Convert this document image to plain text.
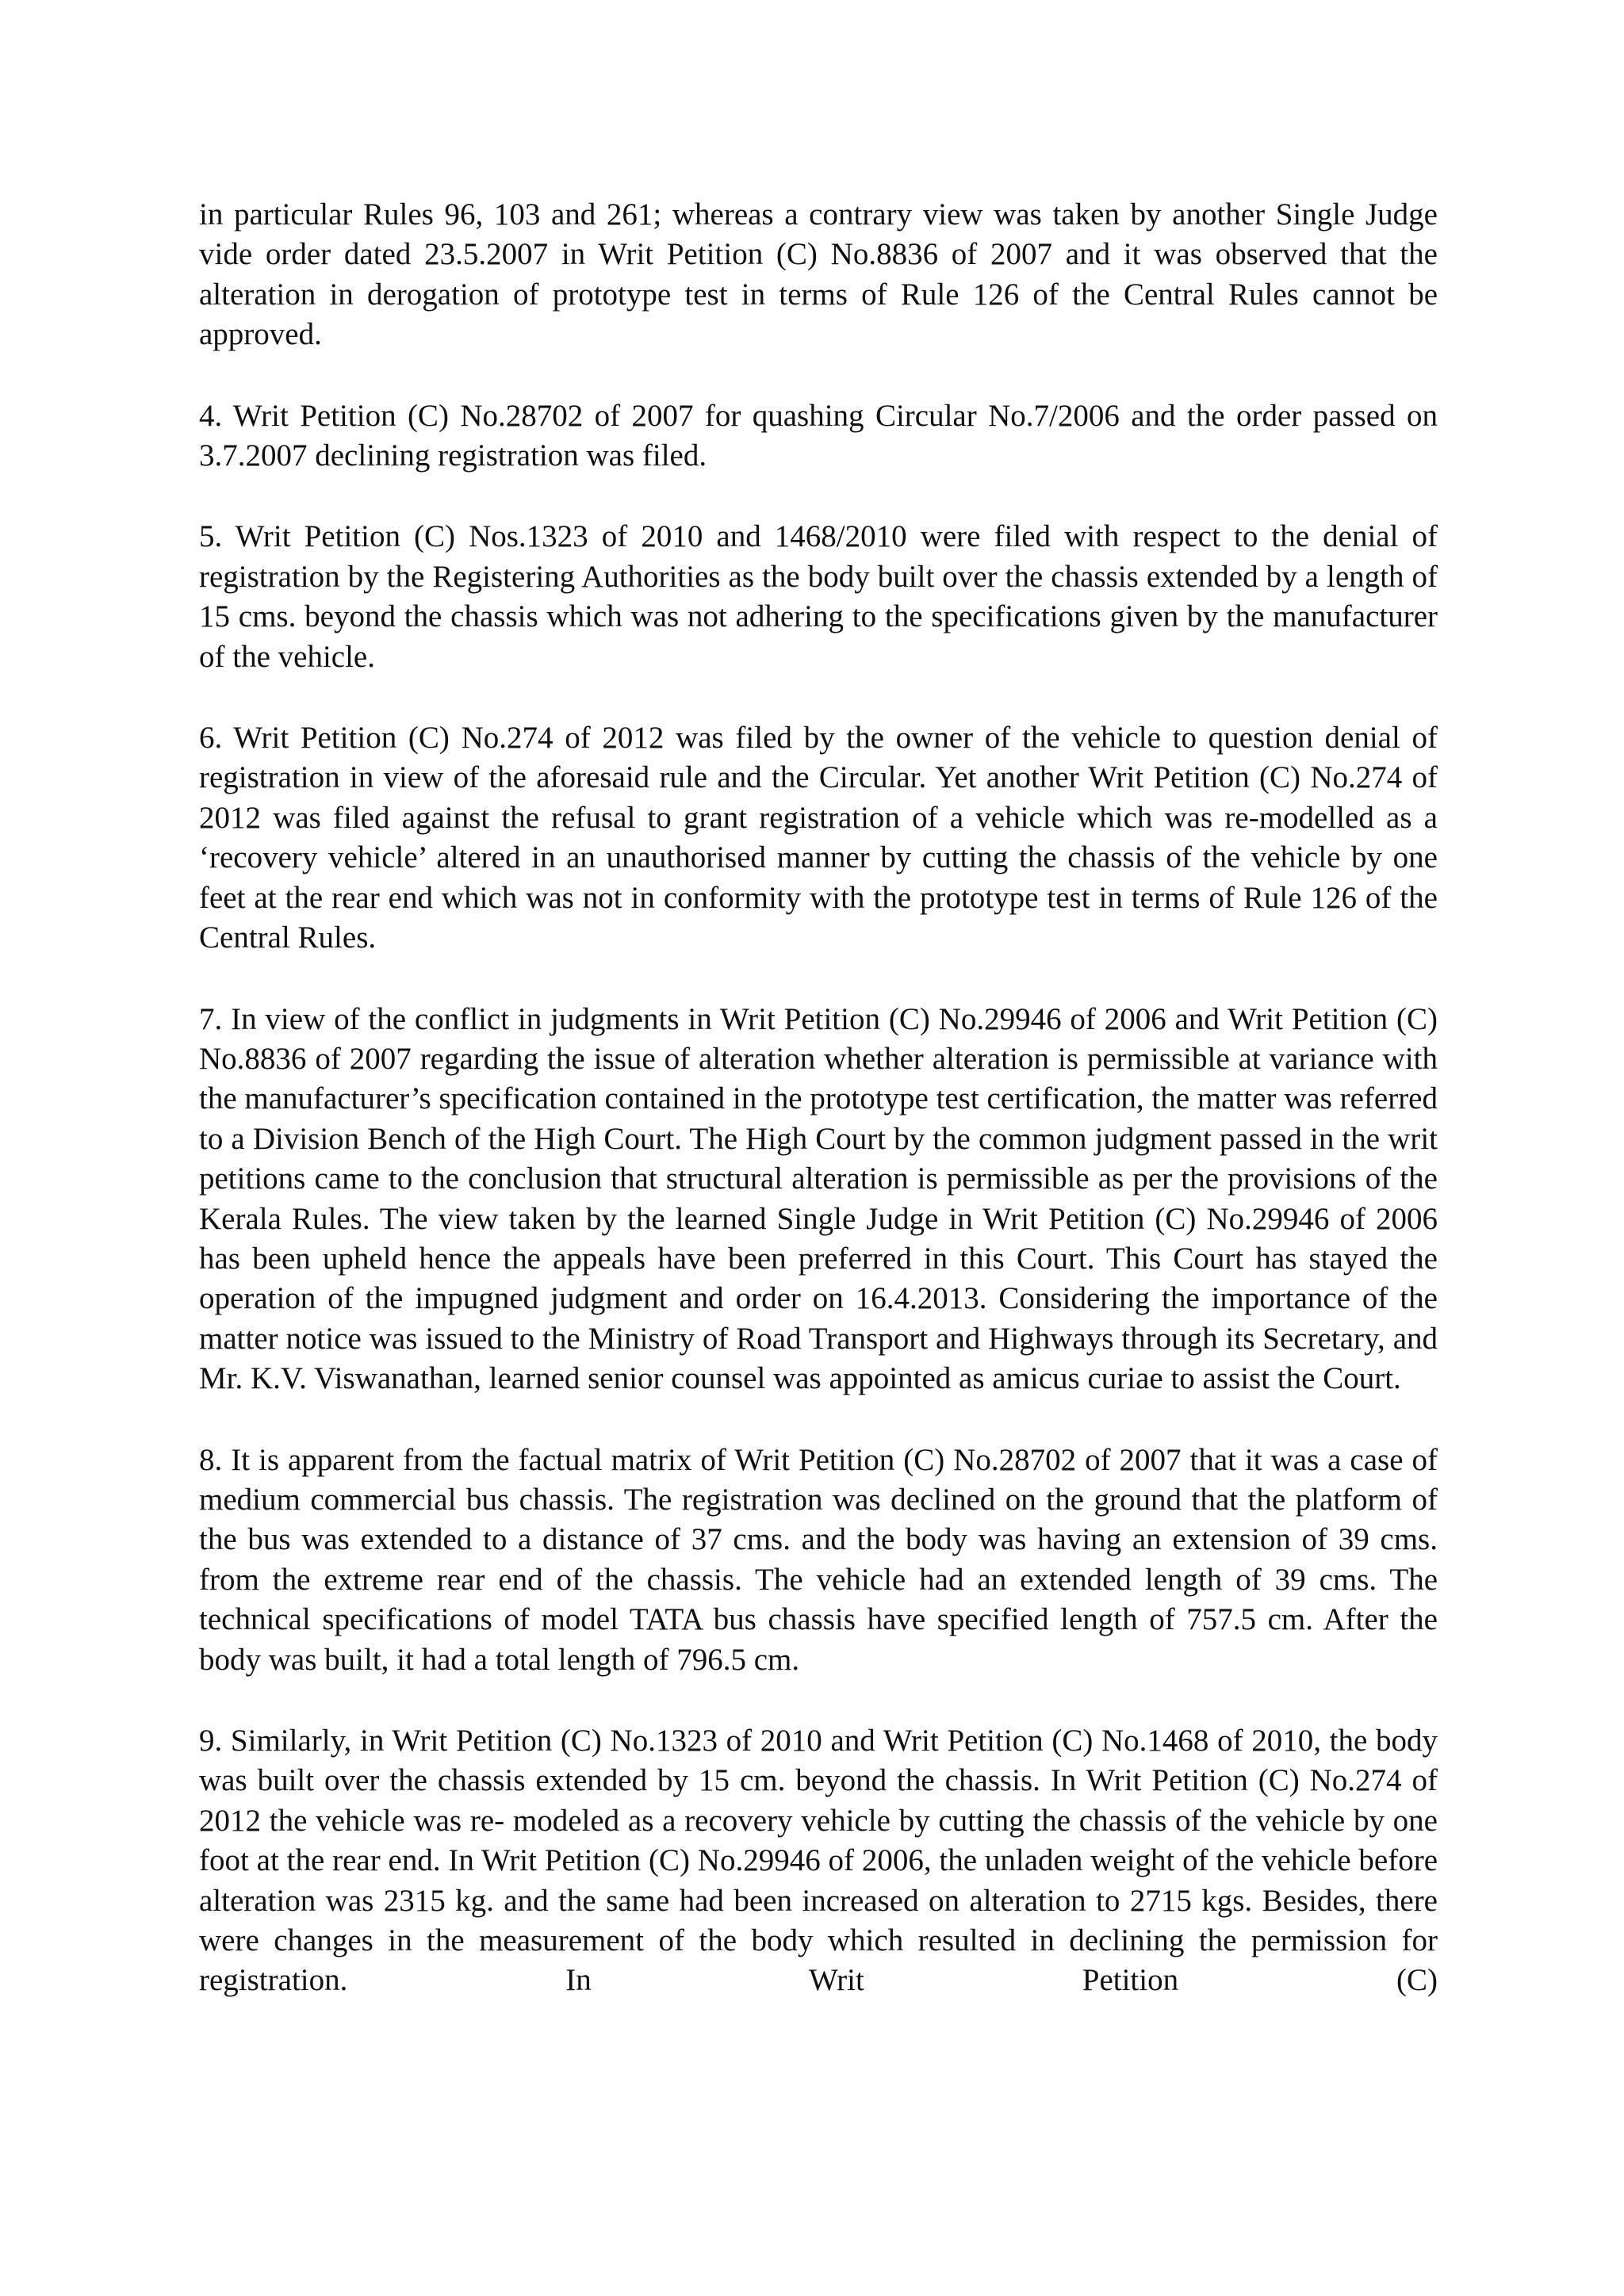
in particular Rules 96, 103 and 261; whereas a contrary view was taken by another Single Judge vide order dated 23.5.2007 in Writ Petition (C) No.8836 of 2007 and it was observed that the alteration in derogation of prototype test in terms of Rule 126 of the Central Rules cannot be approved.

4. Writ Petition (C) No.28702 of 2007 for quashing Circular No.7/2006 and the order passed on 3.7.2007 declining registration was filed.

5. Writ Petition (C) Nos.1323 of 2010 and 1468/2010 were filed with respect to the denial of registration by the Registering Authorities as the body built over the chassis extended by a length of 15 cms. beyond the chassis which was not adhering to the specifications given by the manufacturer of the vehicle.

6. Writ Petition (C) No.274 of 2012 was filed by the owner of the vehicle to question denial of registration in view of the aforesaid rule and the Circular. Yet another Writ Petition (C) No.274 of 2012 was filed against the refusal to grant registration of a vehicle which was re-modelled as a ‘recovery vehicle’ altered in an unauthorised manner by cutting the chassis of the vehicle by one feet at the rear end which was not in conformity with the prototype test in terms of Rule 126 of the Central Rules.

7. In view of the conflict in judgments in Writ Petition (C) No.29946 of 2006 and Writ Petition (C) No.8836 of 2007 regarding the issue of alteration whether alteration is permissible at variance with the manufacturer’s specification contained in the prototype test certification, the matter was referred to a Division Bench of the High Court. The High Court by the common judgment passed in the writ petitions came to the conclusion that structural alteration is permissible as per the provisions of the Kerala Rules. The view taken by the learned Single Judge in Writ Petition (C) No.29946 of 2006 has been upheld hence the appeals have been preferred in this Court. This Court has stayed the operation of the impugned judgment and order on 16.4.2013. Considering the importance of the matter notice was issued to the Ministry of Road Transport and Highways through its Secretary, and Mr. K.V. Viswanathan, learned senior counsel was appointed as amicus curiae to assist the Court.

8. It is apparent from the factual matrix of Writ Petition (C) No.28702 of 2007 that it was a case of medium commercial bus chassis. The registration was declined on the ground that the platform of the bus was extended to a distance of 37 cms. and the body was having an extension of 39 cms. from the extreme rear end of the chassis. The vehicle had an extended length of 39 cms. The technical specifications of model TATA bus chassis have specified length of 757.5 cm. After the body was built, it had a total length of 796.5 cm.

9. Similarly, in Writ Petition (C) No.1323 of 2010 and Writ Petition (C) No.1468 of 2010, the body was built over the chassis extended by 15 cm. beyond the chassis. In Writ Petition (C) No.274 of 2012 the vehicle was re- modeled as a recovery vehicle by cutting the chassis of the vehicle by one foot at the rear end. In Writ Petition (C) No.29946 of 2006, the unladen weight of the vehicle before alteration was 2315 kg. and the same had been increased on alteration to 2715 kgs. Besides, there were changes in the measurement of the body which resulted in declining the permission for registration. In Writ Petition (C)
